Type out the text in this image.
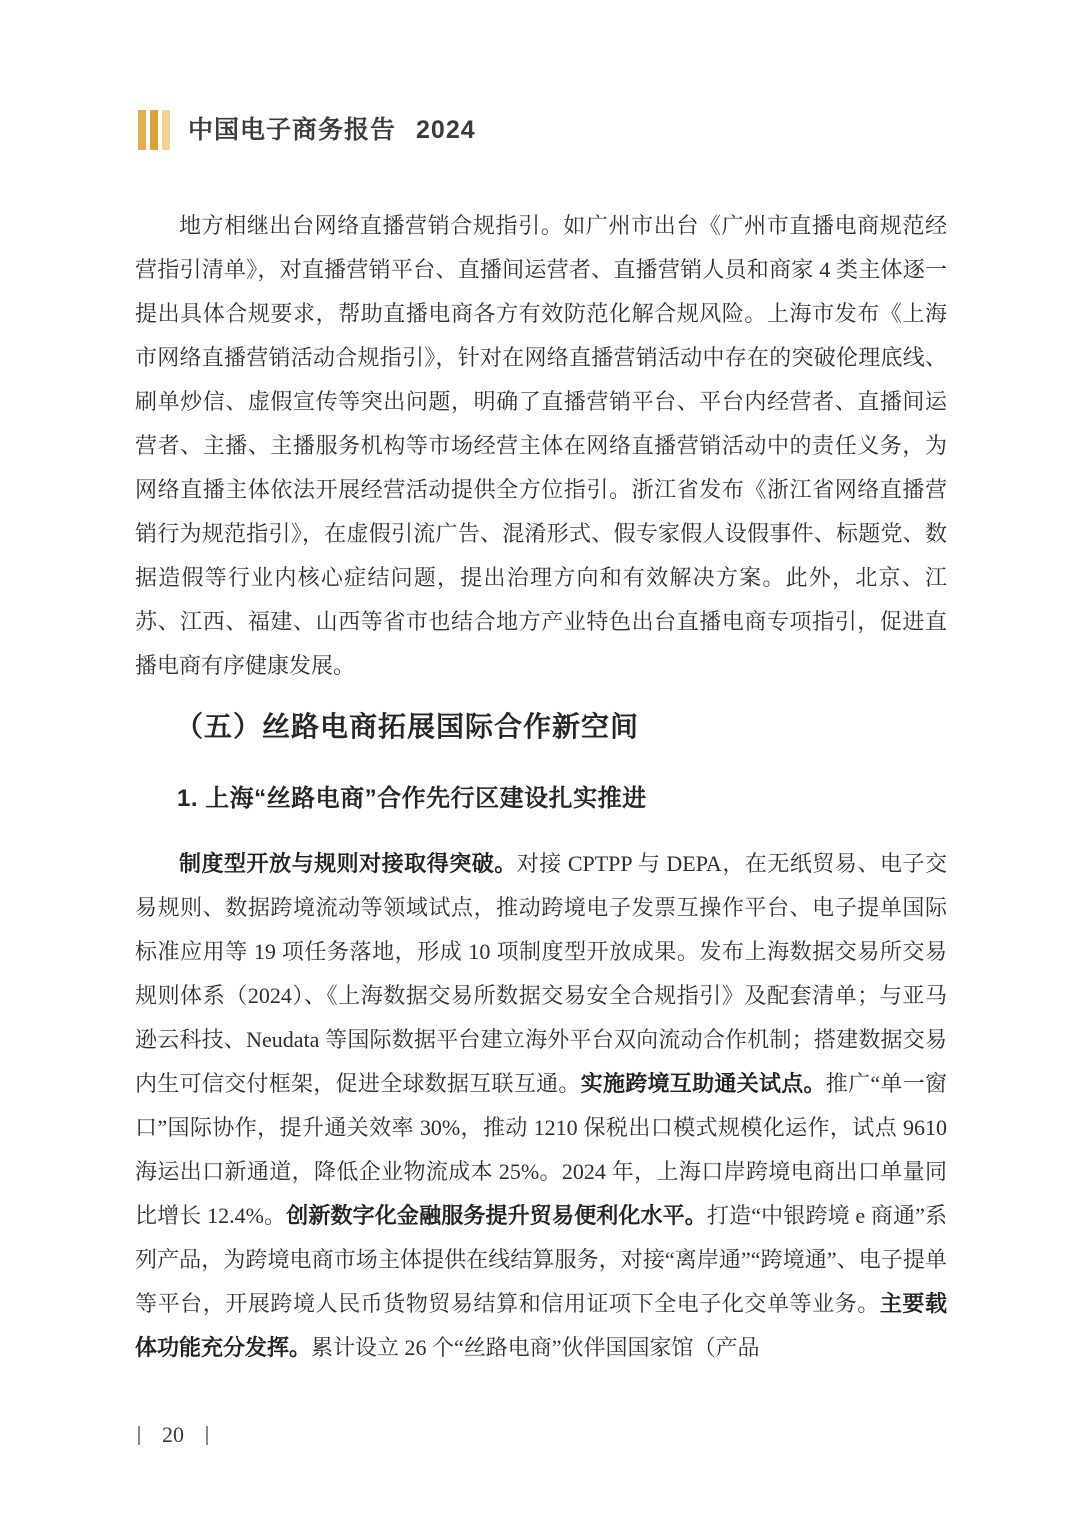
中国电子商务报告 2024
地方相继出台网络直播营销合规指引。如广州市出台《广州市直播电商规范经营指引清单》，对直播营销平台、直播间运营者、直播营销人员和商家 4 类主体逐一提出具体合规要求，帮助直播电商各方有效防范化解合规风险。上海市发布《上海市网络直播营销活动合规指引》，针对在网络直播营销活动中存在的突破伦理底线、刷单炒信、虚假宣传等突出问题，明确了直播营销平台、平台内经营者、直播间运营者、主播、主播服务机构等市场经营主体在网络直播营销活动中的责任义务，为网络直播主体依法开展经营活动提供全方位指引。浙江省发布《浙江省网络直播营销行为规范指引》，在虚假引流广告、混淆形式、假专家假人设假事件、标题党、数据造假等行业内核心症结问题，提出治理方向和有效解决方案。此外，北京、江苏、江西、福建、山西等省市也结合地方产业特色出台直播电商专项指引，促进直播电商有序健康发展。
（五）丝路电商拓展国际合作新空间
1. 上海“丝路电商”合作先行区建设扎实推进
制度型开放与规则对接取得突破。对接 CPTPP 与 DEPA，在无纸贸易、电子交易规则、数据跨境流动等领域试点，推动跨境电子发票互操作平台、电子提单国际标准应用等 19 项任务落地，形成 10 项制度型开放成果。发布上海数据交易所交易规则体系（2024）、《上海数据交易所数据交易安全合规指引》及配套清单；与亚马逊云科技、Neudata 等国际数据平台建立海外平台双向流动合作机制；搭建数据交易内生可信交付框架，促进全球数据互联互通。实施跨境互助通关试点。推广“单一窗口”国际协作，提升通关效率 30%，推动 1210 保税出口模式规模化运作，试点 9610 海运出口新通道，降低企业物流成本 25%。2024 年，上海口岸跨境电商出口单量同比增长 12.4%。创新数字化金融服务提升贸易便利化水平。打造“中银跨境 e 商通”系列产品，为跨境电商市场主体提供在线结算服务，对接“离岸通”“跨境通”、电子提单等平台，开展跨境人民币货物贸易结算和信用证项下全电子化交单等业务。主要载体功能充分发挥。累计设立 26 个“丝路电商”伙伴国国家馆（产品
20
